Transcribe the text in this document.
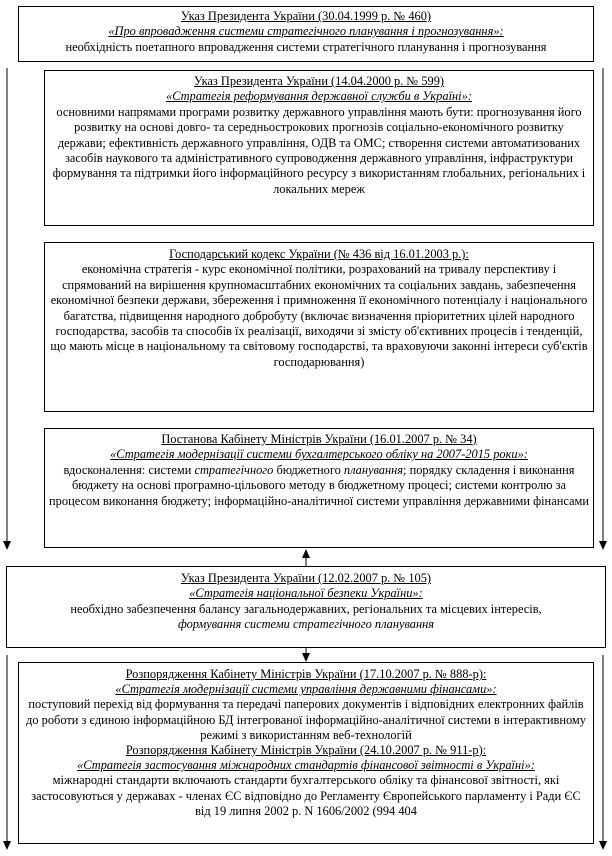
Указ Президента України (30.04.1999 р. № 460)
«Про впровадження системи стратегічного планування і прогнозування»:
необхідність поетапного впровадження системи стратегічного планування і прогнозування
Указ Президента України (14.04.2000 р. № 599)
«Стратегія реформування державної служби в Україні»:
основними напрямами програми розвитку державного управління мають бути: прогнозування його розвитку на основі довго- та середньострокових прогнозів соціально-економічного розвитку держави; ефективність державного управління, ОДВ та ОМС; створення системи автоматизованих засобів наукового та адміністративного супроводження державного управління, інфраструктури формування та підтримки його інформаційного ресурсу з використанням глобальних, регіональних і локальних мереж
Господарський кодекс України (№ 436 від 16.01.2003 р.):
економічна стратегія - курс економічної політики, розрахований на тривалу перспективу і спрямований на вирішення крупномасштабних економічних та соціальних завдань, забезпечення економічної безпеки держави, збереження і примноження її економічного потенціалу і національного багатства, підвищення народного добробуту (включає визначення пріоритетних цілей народного господарства, засобів та способів їх реалізації, виходячи зі змісту об'єктивних процесів і тенденцій, що мають місце в національному та світовому господарстві, та враховуючи законні інтереси суб'єктів господарювання)
Постанова Кабінету Міністрів України (16.01.2007 р. № 34)
«Стратегія модернізації системи бухгалтерського обліку на 2007-2015 роки»:
вдосконалення: системи стратегічного бюджетного планування; порядку складення і виконання бюджету на основі програмно-цільового методу в бюджетному процесі; системи контролю за процесом виконання бюджету; інформаційно-аналітичної системи управління державними фінансами
Указ Президента України (12.02.2007 р. № 105)
«Стратегія національної безпеки України»:
необхідно забезпечення балансу загальнодержавних, регіональних та місцевих інтересів,
формування системи стратегічного планування
Розпорядження Кабінету Міністрів України (17.10.2007 р. № 888-р):
«Стратегія модернізації системи управління державними фінансами»:
поступовий перехід від формування та передачі паперових документів і відповідних електронних файлів до роботи з єдиною інформаційною БД інтегрованої інформаційно-аналітичної системи в інтерактивному режимі з використанням веб-технологій
Розпорядження Кабінету Міністрів України (24.10.2007 р. № 911-р):
«Стратегія застосування міжнародних стандартів фінансової звітності в Україні»:
міжнародні стандарти включають стандарти бухгалтерського обліку та фінансової звітності, які застосовуються у державах - членах ЄС відповідно до Регламенту Європейського парламенту і Ради ЄС від 19 липня 2002 р. N 1606/2002 (994 404
